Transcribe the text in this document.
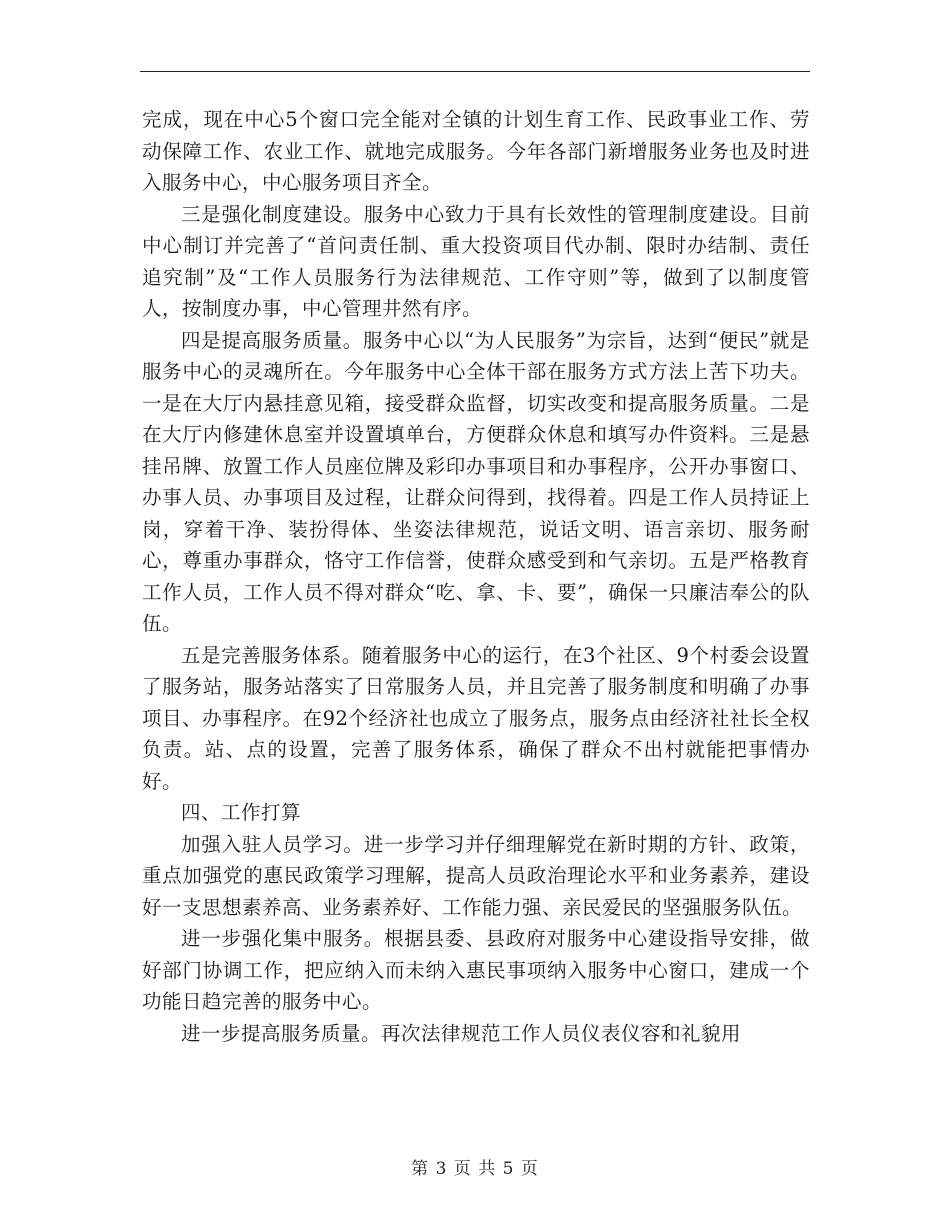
完成，现在中心5个窗口完全能对全镇的计划生育工作、民政事业工作、劳动保障工作、农业工作、就地完成服务。今年各部门新增服务业务也及时进入服务中心，中心服务项目齐全。

三是强化制度建设。服务中心致力于具有长效性的管理制度建设。目前中心制订并完善了“首问责任制、重大投资项目代办制、限时办结制、责任追究制”及“工作人员服务行为法律规范、工作守则”等，做到了以制度管人，按制度办事，中心管理井然有序。

四是提高服务质量。服务中心以“为人民服务”为宗旨，达到“便民”就是服务中心的灵魂所在。今年服务中心全体干部在服务方式方法上苦下功夫。一是在大厅内悬挂意见箱，接受群众监督，切实改变和提高服务质量。二是在大厅内修建休息室并设置填单台，方便群众休息和填写办件资料。三是悬挂吊牌、放置工作人员座位牌及彩印办事项目和办事程序，公开办事窗口、办事人员、办事项目及过程，让群众问得到，找得着。四是工作人员持证上岗，穿着干净、装扮得体、坐姿法律规范，说话文明、语言亲切、服务耐心，尊重办事群众，恪守工作信誉，使群众感受到和气亲切。五是严格教育工作人员，工作人员不得对群众“吃、拿、卡、要”，确保一只廉洁奉公的队伍。

五是完善服务体系。随着服务中心的运行，在3个社区、9个村委会设置了服务站，服务站落实了日常服务人员，并且完善了服务制度和明确了办事项目、办事程序。在92个经济社也成立了服务点，服务点由经济社社长全权负责。站、点的设置，完善了服务体系，确保了群众不出村就能把事情办好。

四、工作打算

加强入驻人员学习。进一步学习并仔细理解党在新时期的方针、政策，重点加强党的惠民政策学习理解，提高人员政治理论水平和业务素养，建设好一支思想素养高、业务素养好、工作能力强、亲民爱民的坚强服务队伍。

进一步强化集中服务。根据县委、县政府对服务中心建设指导安排，做好部门协调工作，把应纳入而未纳入惠民事项纳入服务中心窗口，建成一个功能日趋完善的服务中心。

进一步提高服务质量。再次法律规范工作人员仪表仪容和礼貌用

第 3 页 共 5 页
